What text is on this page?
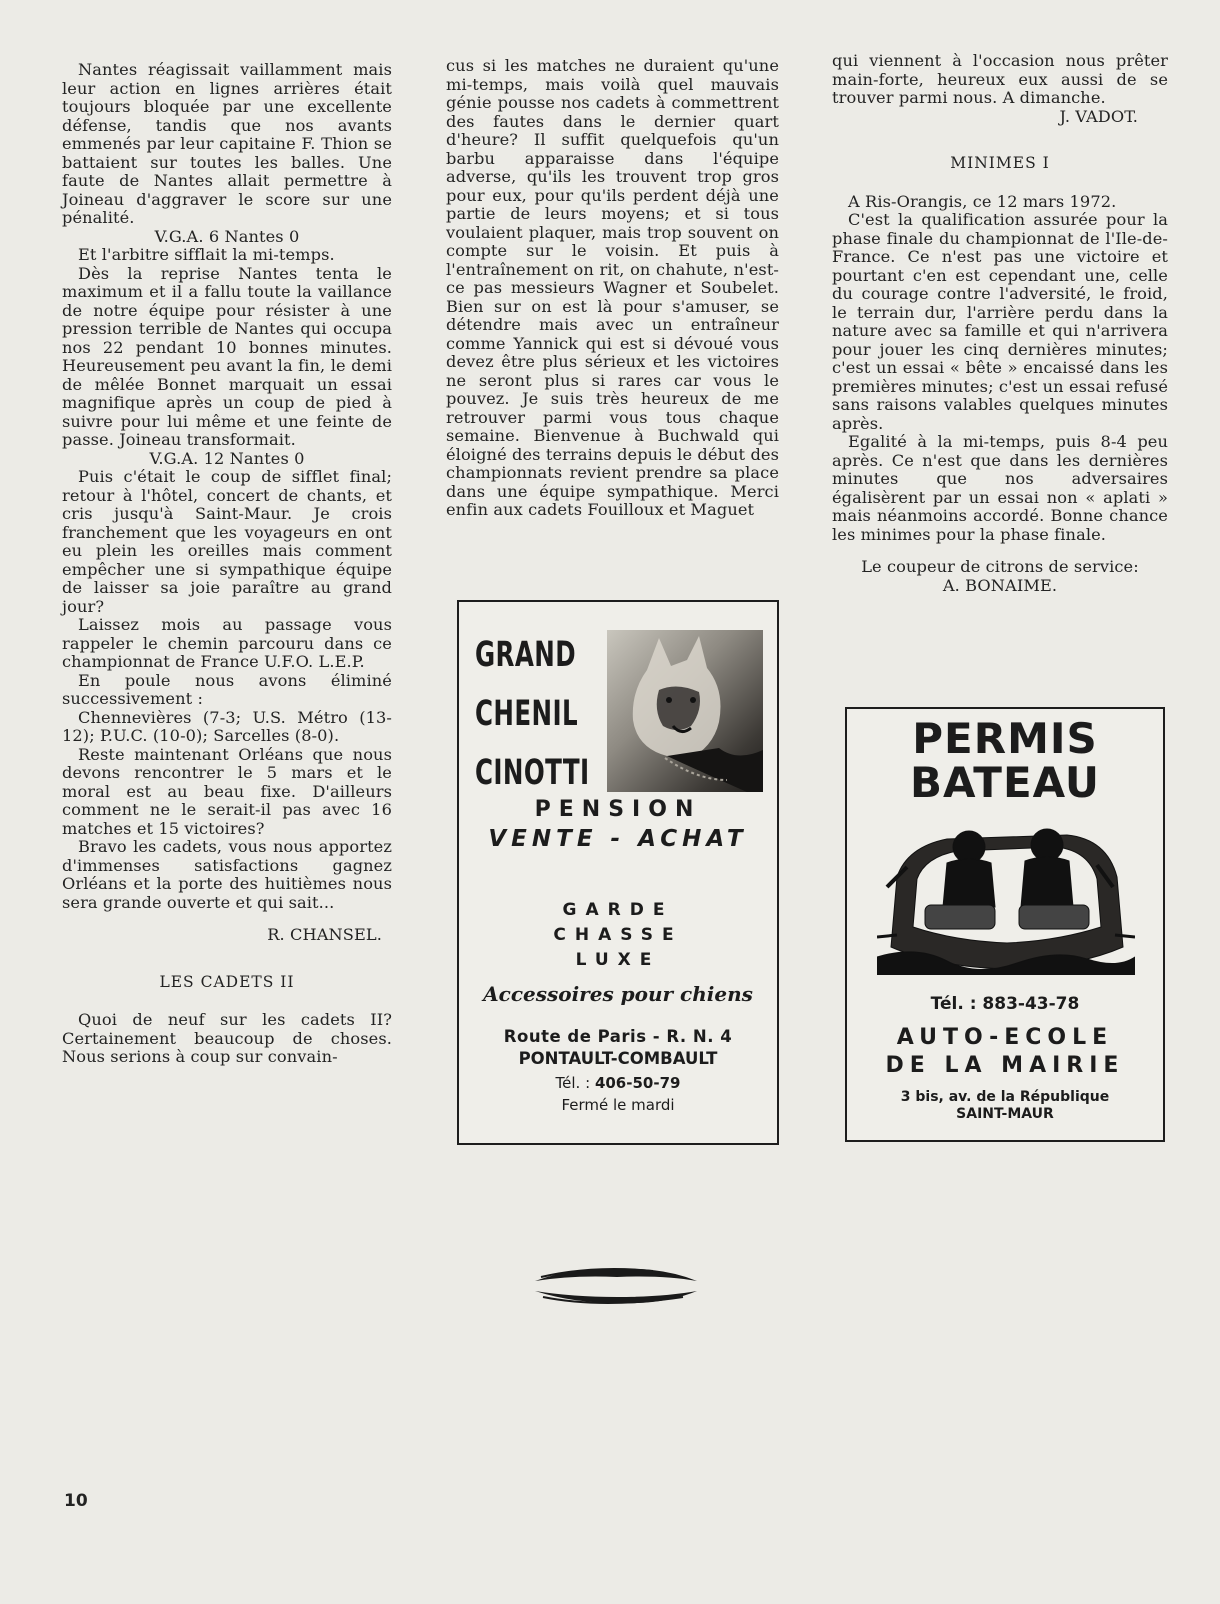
Nantes réagissait vaillamment mais leur action en lignes arrières était toujours bloquée par une excellente défense, tandis que nos avants emmenés par leur capitaine F. Thion se battaient sur toutes les balles. Une faute de Nantes allait permettre à Joineau d'aggraver le score sur une pénalité.

V.G.A. 6 Nantes 0

Et l'arbitre sifflait la mi-temps.

Dès la reprise Nantes tenta le maximum et il a fallu toute la vaillance de notre équipe pour résister à une pression terrible de Nantes qui occupa nos 22 pendant 10 bonnes minutes. Heureusement peu avant la fin, le demi de mêlée Bonnet marquait un essai magnifique après un coup de pied à suivre pour lui même et une feinte de passe. Joineau transformait.

V.G.A. 12 Nantes 0

Puis c'était le coup de sifflet final; retour à l'hôtel, concert de chants, et cris jusqu'à Saint-Maur. Je crois franchement que les voyageurs en ont eu plein les oreilles mais comment empêcher une si sympathique équipe de laisser sa joie paraître au grand jour?

Laissez mois au passage vous rappeler le chemin parcouru dans ce championnat de France U.F.O. L.E.P.

En poule nous avons éliminé successivement :

Chennevières (7-3; U.S. Métro (13-12); P.U.C. (10-0); Sarcelles (8-0).

Reste maintenant Orléans que nous devons rencontrer le 5 mars et le moral est au beau fixe. D'ailleurs comment ne le serait-il pas avec 16 matches et 15 victoires?

Bravo les cadets, vous nous apportez d'immenses satisfactions gagnez Orléans et la porte des huitièmes nous sera grande ouverte et qui sait...

R. CHANSEL.

LES CADETS II

Quoi de neuf sur les cadets II? Certainement beaucoup de choses. Nous serions à coup sur convain-

cus si les matches ne duraient qu'une mi-temps, mais voilà quel mauvais génie pousse nos cadets à commettrent des fautes dans le dernier quart d'heure? Il suffit quelquefois qu'un barbu apparaisse dans l'équipe adverse, qu'ils les trouvent trop gros pour eux, pour qu'ils perdent déjà une partie de leurs moyens; et si tous voulaient plaquer, mais trop souvent on compte sur le voisin. Et puis à l'entraînement on rit, on chahute, n'est-ce pas messieurs Wagner et Soubelet. Bien sur on est là pour s'amuser, se détendre mais avec un entraîneur comme Yannick qui est si dévoué vous devez être plus sérieux et les victoires ne seront plus si rares car vous le pouvez. Je suis très heureux de me retrouver parmi vous tous chaque semaine. Bienvenue à Buchwald qui éloigné des terrains depuis le début des championnats revient prendre sa place dans une équipe sympathique. Merci enfin aux cadets Fouilloux et Maguet

qui viennent à l'occasion nous prêter main-forte, heureux eux aussi de se trouver parmi nous. A dimanche.

J. VADOT.

MINIMES I

A Ris-Orangis, ce 12 mars 1972.

C'est la qualification assurée pour la phase finale du championnat de l'Ile-de-France. Ce n'est pas une victoire et pourtant c'en est cependant une, celle du courage contre l'adversité, le froid, le terrain dur, l'arrière perdu dans la nature avec sa famille et qui n'arrivera pour jouer les cinq dernières minutes; c'est un essai « bête » encaissé dans les premières minutes; c'est un essai refusé sans raisons valables quelques minutes après.

Egalité à la mi-temps, puis 8-4 peu après. Ce n'est que dans les dernières minutes que nos adversaires égalisèrent par un essai non « aplati » mais néanmoins accordé. Bonne chance les minimes pour la phase finale.

Le coupeur de citrons de service:

A. BONAIME.

GRAND
CHENIL
CINOTTI
PENSION
VENTE - ACHAT
GARDE
CHASSE
LUXE
Accessoires pour chiens
Route de Paris - R. N. 4
PONTAULT-COMBAULT
Tél. : 406-50-79
Fermé le mardi
PERMIS
BATEAU
Tél. : 883-43-78
AUTO-ECOLE
DE LA MAIRIE
3 bis, av. de la République
SAINT-MAUR
10
